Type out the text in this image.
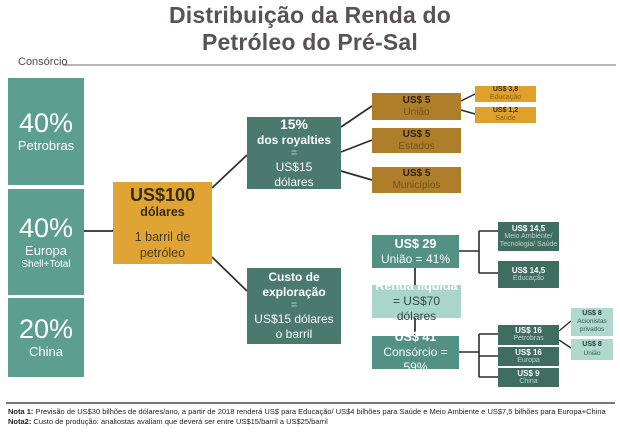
Distribuição da Renda do
Petróleo do Pré-Sal
Consórcio
40%
Petrobras
40%
Europa
Shell+Total
20%
China
US$100
dólares
1 barril de
petróleo
15%
dos royalties
=
US$15
dólares
Custo de
exploração
=
US$15 dólares
o barril
US$ 5
União
US$ 5
Estados
US$ 5
Municípios
US$ 3,8
Educação
US$ 1,2
Saúde
US$ 29
União = 41%
Renda líquida
= US$70 dólares
US$ 41
Consórcio = 59%
US$ 14,5
Meio Ambiente/
Tecnologia/ Saúde
US$ 14,5
Educação
US$ 16
Petrobras
US$ 16
Europa
US$ 9
China
US$ 8
Acionistas
privados
US$ 8
União
Nota 1: Previsão de US$30 bilhões de dólares/ano, a partir de 2018 renderá US$ para Educação/ US$4 bilhões para Saúde e Meio Ambiente e US$7,5 bilhões para Europa+China
Nota2: Custo de produção: analiostas avaliam que deverá ser entre US$15/barril a US$25/barril
